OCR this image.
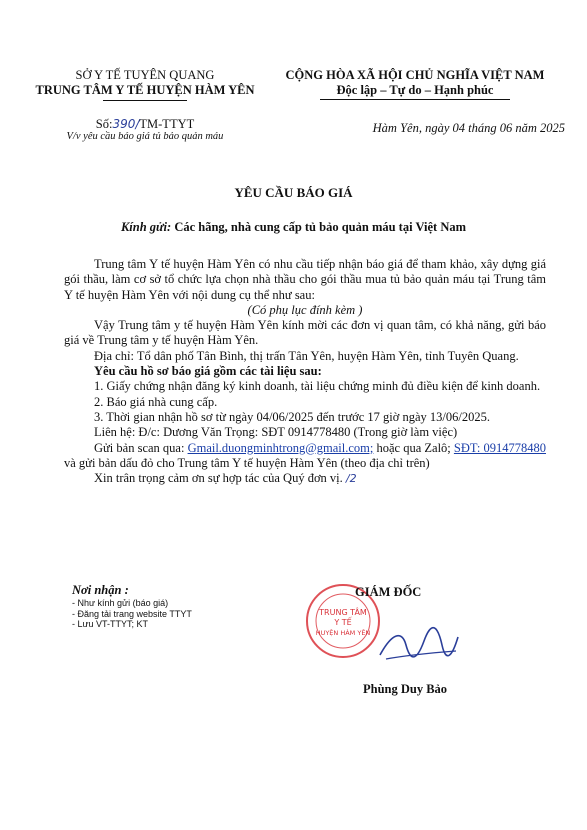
SỞ Y TẾ TUYÊN QUANG
TRUNG TÂM Y TẾ HUYỆN HÀM YÊN
CỘNG HÒA XÃ HỘI CHỦ NGHĨA VIỆT NAM
Độc lập – Tự do – Hạnh phúc
Số:390/TM-TTYT
V/v yêu cầu báo giá tủ bảo quản máu
Hàm Yên, ngày 04 tháng 06 năm 2025
YÊU CẦU BÁO GIÁ
Kính gửi: Các hãng, nhà cung cấp tủ bảo quản máu tại Việt Nam

Trung tâm Y tế huyện Hàm Yên có nhu cầu tiếp nhận báo giá để tham khảo, xây dựng giá gói thầu, làm cơ sở tổ chức lựa chọn nhà thầu cho gói thầu mua tủ bảo quản máu tại Trung tâm Y tế huyện Hàm Yên với nội dung cụ thể như sau:

(Có phụ lục đính kèm )

Vậy Trung tâm y tế huyện Hàm Yên kính mời các đơn vị quan tâm, có khả năng, gửi báo giá về Trung tâm y tế huyện Hàm Yên.

Địa chỉ: Tổ dân phố Tân Bình, thị trấn Tân Yên, huyện Hàm Yên, tỉnh Tuyên Quang.

Yêu cầu hồ sơ báo giá gồm các tài liệu sau:

1. Giấy chứng nhận đăng ký kinh doanh, tài liệu chứng minh đủ điều kiện để kinh doanh.

2. Báo giá nhà cung cấp.

3. Thời gian nhận hồ sơ từ ngày 04/06/2025 đến trước 17 giờ ngày 13/06/2025.

Liên hệ: Đ/c: Dương Văn Trọng: SĐT 0914778480 (Trong giờ làm việc)

Gửi bản scan qua: Gmail.duongminhtrong@gmail.com; hoặc qua Zalô; SĐT: 0914778480 và gửi bản dấu đỏ cho Trung tâm Y tế huyện Hàm Yên (theo địa chỉ trên)

Xin trân trọng cảm ơn sự hợp tác của Quý đơn vị. /2

Nơi nhận :
- Như kính gửi (báo giá)
- Đăng tải trang website TTYT
- Lưu VT-TTYT; KT
TRUNG TÂM
Y TẾ
HUYỆN HÀM YÊN
GIÁM ĐỐC
Phùng Duy Bảo
